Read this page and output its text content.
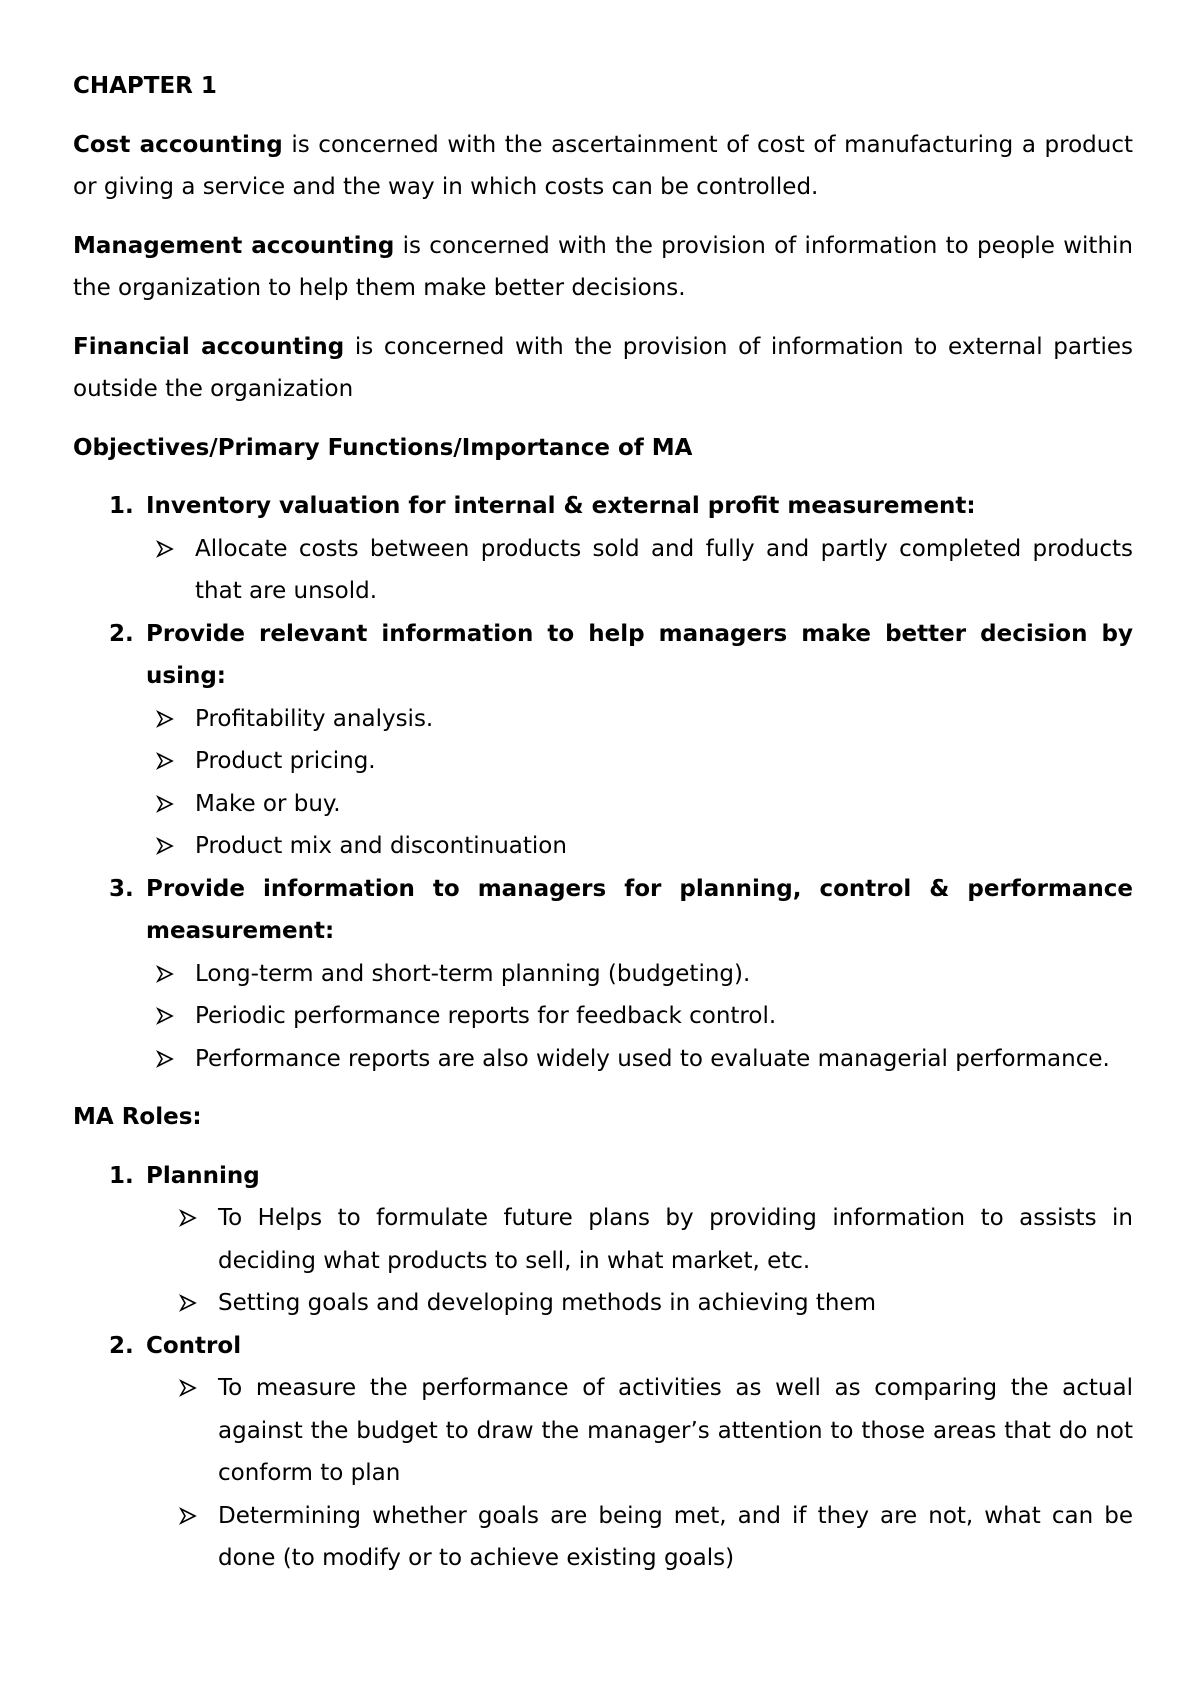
CHAPTER 1

Cost accounting is concerned with the ascertainment of cost of manufacturing a product or giving a service and the way in which costs can be controlled.

Management accounting is concerned with the provision of information to people within the organization to help them make better decisions.

Financial accounting is concerned with the provision of information to external parties outside the organization

Objectives/Primary Functions/Importance of MA
1. Inventory valuation for internal & external profit measurement:
Allocate costs between products sold and fully and partly completed products that are unsold.
2. Provide relevant information to help managers make better decision by using:
Profitability analysis.
Product pricing.
Make or buy.
Product mix and discontinuation
3. Provide information to managers for planning, control & performance measurement:
Long-term and short-term planning (budgeting).
Periodic performance reports for feedback control.
Performance reports are also widely used to evaluate managerial performance.
MA Roles:
1. Planning
To Helps to formulate future plans by providing information to assists in deciding what products to sell, in what market, etc.
Setting goals and developing methods in achieving them
2. Control
To measure the performance of activities as well as comparing the actual against the budget to draw the manager’s attention to those areas that do not conform to plan
Determining whether goals are being met, and if they are not, what can be done (to modify or to achieve existing goals)
